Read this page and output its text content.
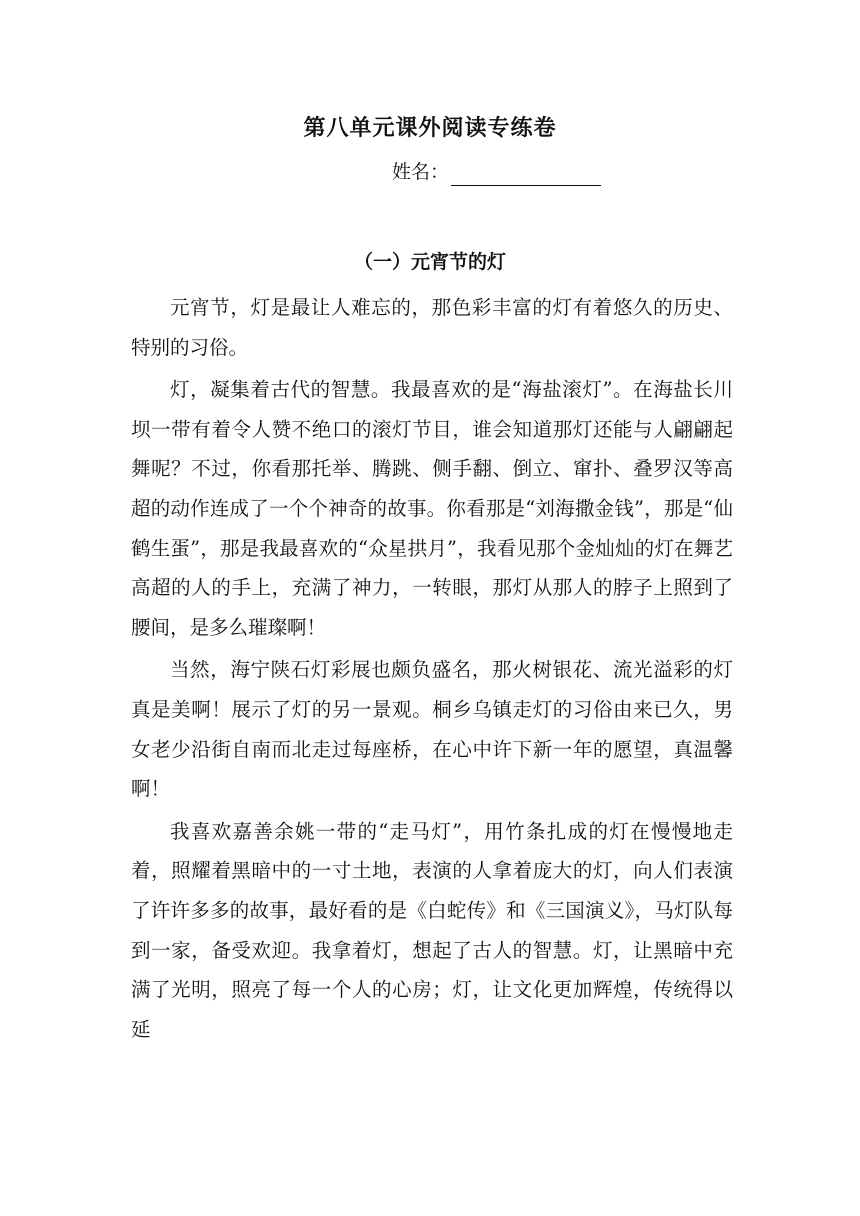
第八单元课外阅读专练卷
姓名：
（一）元宵节的灯

元宵节，灯是最让人难忘的，那色彩丰富的灯有着悠久的历史、特别的习俗。

灯，凝集着古代的智慧。我最喜欢的是“海盐滚灯”。在海盐长川坝一带有着令人赞不绝口的滚灯节目，谁会知道那灯还能与人翩翩起舞呢？不过，你看那托举、腾跳、侧手翻、倒立、窜扑、叠罗汉等高超的动作连成了一个个神奇的故事。你看那是“刘海撒金钱”，那是“仙鹤生蛋”，那是我最喜欢的“众星拱月”，我看见那个金灿灿的灯在舞艺高超的人的手上，充满了神力，一转眼，那灯从那人的脖子上照到了腰间，是多么璀璨啊！

当然，海宁陕石灯彩展也颇负盛名，那火树银花、流光溢彩的灯真是美啊！展示了灯的另一景观。桐乡乌镇走灯的习俗由来已久，男女老少沿街自南而北走过每座桥，在心中许下新一年的愿望，真温馨啊！

我喜欢嘉善余姚一带的“走马灯”，用竹条扎成的灯在慢慢地走着，照耀着黑暗中的一寸土地，表演的人拿着庞大的灯，向人们表演了许许多多的故事，最好看的是《白蛇传》和《三国演义》，马灯队每到一家，备受欢迎。我拿着灯，想起了古人的智慧。灯，让黑暗中充满了光明，照亮了每一个人的心房；灯，让文化更加辉煌，传统得以延
